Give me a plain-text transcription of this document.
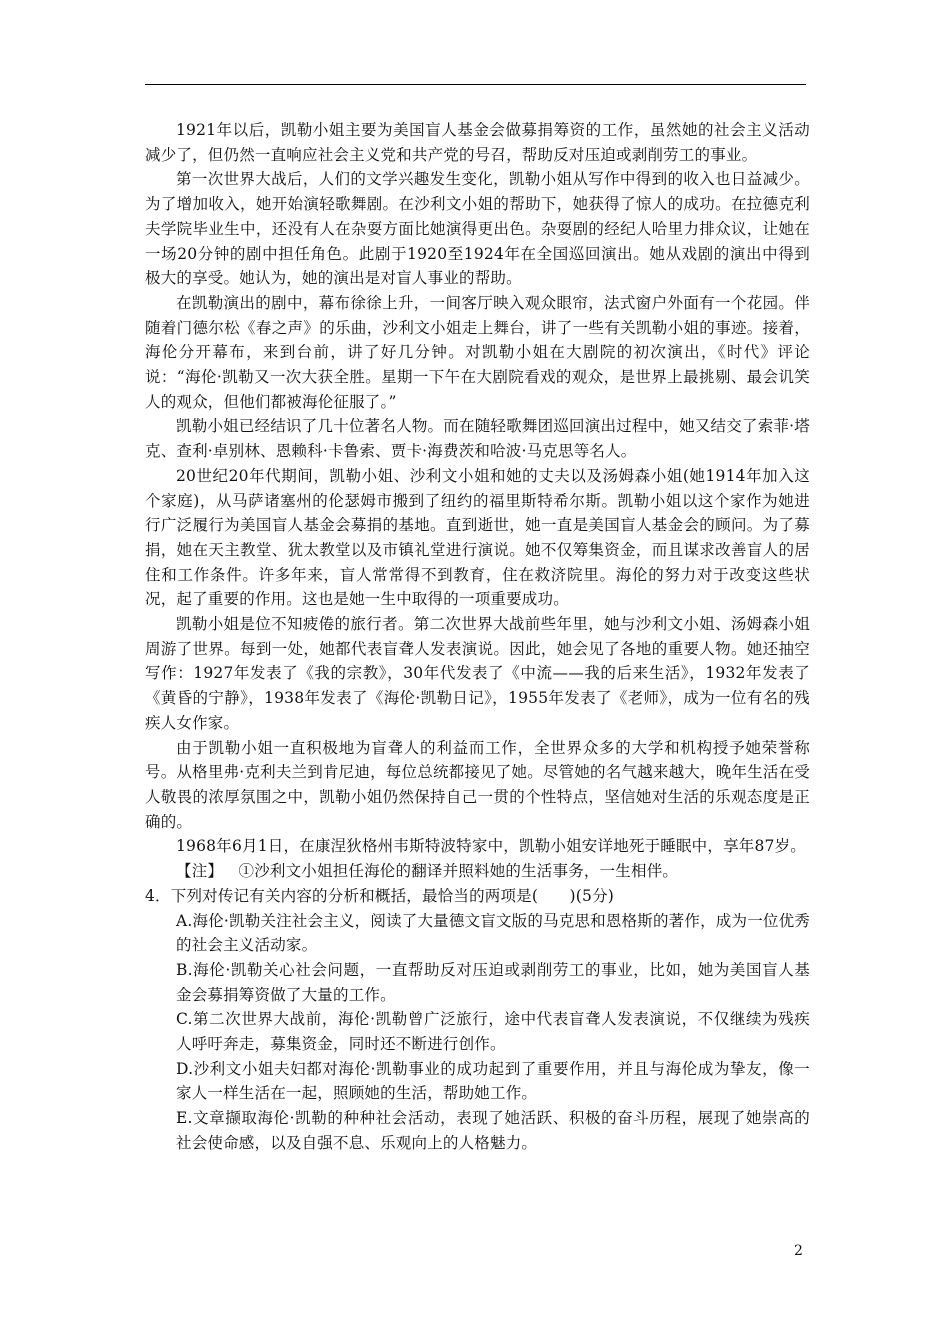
1921年以后，凯勒小姐主要为美国盲人基金会做募捐筹资的工作，虽然她的社会主义活动减少了，但仍然一直响应社会主义党和共产党的号召，帮助反对压迫或剥削劳工的事业。

第一次世界大战后，人们的文学兴趣发生变化，凯勒小姐从写作中得到的收入也日益减少。为了增加收入，她开始演轻歌舞剧。在沙利文小姐的帮助下，她获得了惊人的成功。在拉德克利夫学院毕业生中，还没有人在杂耍方面比她演得更出色。杂耍剧的经纪人哈里力排众议，让她在一场20分钟的剧中担任角色。此剧于1920至1924年在全国巡回演出。她从戏剧的演出中得到极大的享受。她认为，她的演出是对盲人事业的帮助。

在凯勒演出的剧中，幕布徐徐上升，一间客厅映入观众眼帘，法式窗户外面有一个花园。伴随着门德尔松《春之声》的乐曲，沙利文小姐走上舞台，讲了一些有关凯勒小姐的事迹。接着，海伦分开幕布，来到台前，讲了好几分钟。对凯勒小姐在大剧院的初次演出，《时代》评论说：“海伦·凯勒又一次大获全胜。星期一下午在大剧院看戏的观众，是世界上最挑剔、最会讥笑人的观众，但他们都被海伦征服了。”

凯勒小姐已经结识了几十位著名人物。而在随轻歌舞团巡回演出过程中，她又结交了索菲·塔克、查利·卓别林、恩赖科·卡鲁索、贾卡·海费茨和哈波·马克思等名人。

20世纪20年代期间，凯勒小姐、沙利文小姐和她的丈夫以及汤姆森小姐(她1914年加入这个家庭)，从马萨诸塞州的伦瑟姆市搬到了纽约的福里斯特希尔斯。凯勒小姐以这个家作为她进行广泛履行为美国盲人基金会募捐的基地。直到逝世，她一直是美国盲人基金会的顾问。为了募捐，她在天主教堂、犹太教堂以及市镇礼堂进行演说。她不仅筹集资金，而且谋求改善盲人的居住和工作条件。许多年来，盲人常常得不到教育，住在救济院里。海伦的努力对于改变这些状况，起了重要的作用。这也是她一生中取得的一项重要成功。

凯勒小姐是位不知疲倦的旅行者。第二次世界大战前些年里，她与沙利文小姐、汤姆森小姐周游了世界。每到一处，她都代表盲聋人发表演说。因此，她会见了各地的重要人物。她还抽空写作：1927年发表了《我的宗教》，30年代发表了《中流——我的后来生活》，1932年发表了《黄昏的宁静》，1938年发表了《海伦·凯勒日记》，1955年发表了《老师》，成为一位有名的残疾人女作家。

由于凯勒小姐一直积极地为盲聋人的利益而工作，全世界众多的大学和机构授予她荣誉称号。从格里弗·克利夫兰到肯尼迪，每位总统都接见了她。尽管她的名气越来越大，晚年生活在受人敬畏的浓厚氛围之中，凯勒小姐仍然保持自己一贯的个性特点，坚信她对生活的乐观态度是正确的。

1968年6月1日，在康涅狄格州韦斯特波特家中，凯勒小姐安详地死于睡眠中，享年87岁。

【注】 ①沙利文小姐担任海伦的翻译并照料她的生活事务，一生相伴。

4．下列对传记有关内容的分析和概括，最恰当的两项是(　　)(5分)

A.海伦·凯勒关注社会主义，阅读了大量德文盲文版的马克思和恩格斯的著作，成为一位优秀的社会主义活动家。

B.海伦·凯勒关心社会问题，一直帮助反对压迫或剥削劳工的事业，比如，她为美国盲人基金会募捐筹资做了大量的工作。

C.第二次世界大战前，海伦·凯勒曾广泛旅行，途中代表盲聋人发表演说，不仅继续为残疾人呼吁奔走，募集资金，同时还不断进行创作。

D.沙利文小姐夫妇都对海伦·凯勒事业的成功起到了重要作用，并且与海伦成为挚友，像一家人一样生活在一起，照顾她的生活，帮助她工作。

E.文章撷取海伦·凯勒的种种社会活动，表现了她活跃、积极的奋斗历程，展现了她崇高的社会使命感，以及自强不息、乐观向上的人格魅力。

2
